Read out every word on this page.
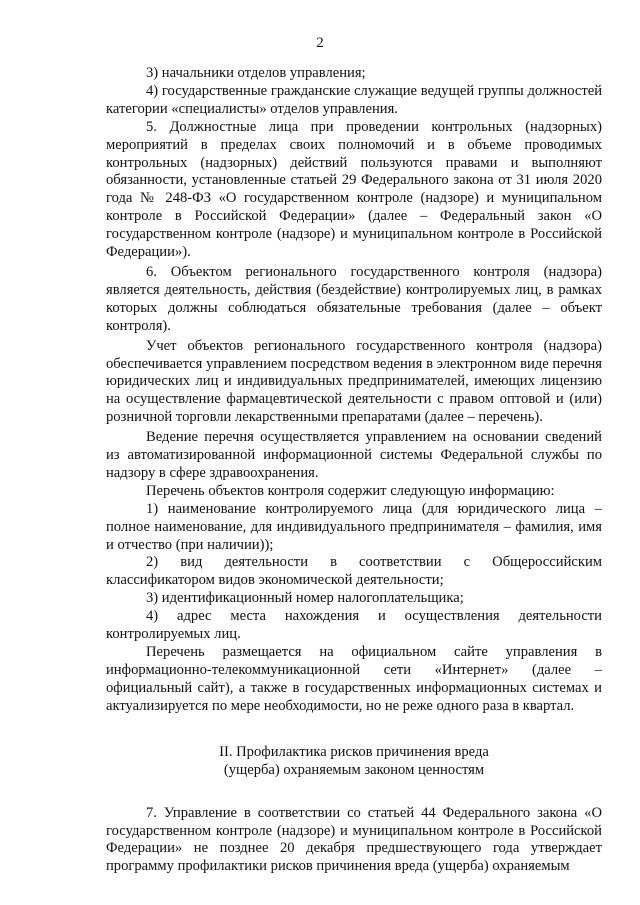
2

3) начальники отделов управления;

4) государственные гражданские служащие ведущей группы должностей категории «специалисты» отделов управления.

5. Должностные лица при проведении контрольных (надзорных) мероприятий в пределах своих полномочий и в объеме проводимых контрольных (надзорных) действий пользуются правами и выполняют обязанности, установленные статьей 29 Федерального закона от 31 июля 2020 года № 248-ФЗ «О государственном контроле (надзоре) и муниципальном контроле в Российской Федерации» (далее – Федеральный закон «О государственном контроле (надзоре) и муниципальном контроле в Российской Федерации»).

6. Объектом регионального государственного контроля (надзора) является деятельность, действия (бездействие) контролируемых лиц, в рамках которых должны соблюдаться обязательные требования (далее – объект контроля).

Учет объектов регионального государственного контроля (надзора) обеспечивается управлением посредством ведения в электронном виде перечня юридических лиц и индивидуальных предпринимателей, имеющих лицензию на осуществление фармацевтической деятельности с правом оптовой и (или) розничной торговли лекарственными препаратами (далее – перечень).

Ведение перечня осуществляется управлением на основании сведений из автоматизированной информационной системы Федеральной службы по надзору в сфере здравоохранения.

Перечень объектов контроля содержит следующую информацию:

1) наименование контролируемого лица (для юридического лица – полное наименование, для индивидуального предпринимателя – фамилия, имя и отчество (при наличии));

2) вид деятельности в соответствии с Общероссийским классификатором видов экономической деятельности;

3) идентификационный номер налогоплательщика;

4) адрес места нахождения и осуществления деятельности контролируемых лиц.

Перечень размещается на официальном сайте управления в информационно-телекоммуникационной сети «Интернет» (далее – официальный сайт), а также в государственных информационных системах и актуализируется по мере необходимости, но не реже одного раза в квартал.

II. Профилактика рисков причинения вреда
(ущерба) охраняемым законом ценностям

7. Управление в соответствии со статьей 44 Федерального закона «О государственном контроле (надзоре) и муниципальном контроле в Российской Федерации» не позднее 20 декабря предшествующего года утверждает программу профилактики рисков причинения вреда (ущерба) охраняемым
